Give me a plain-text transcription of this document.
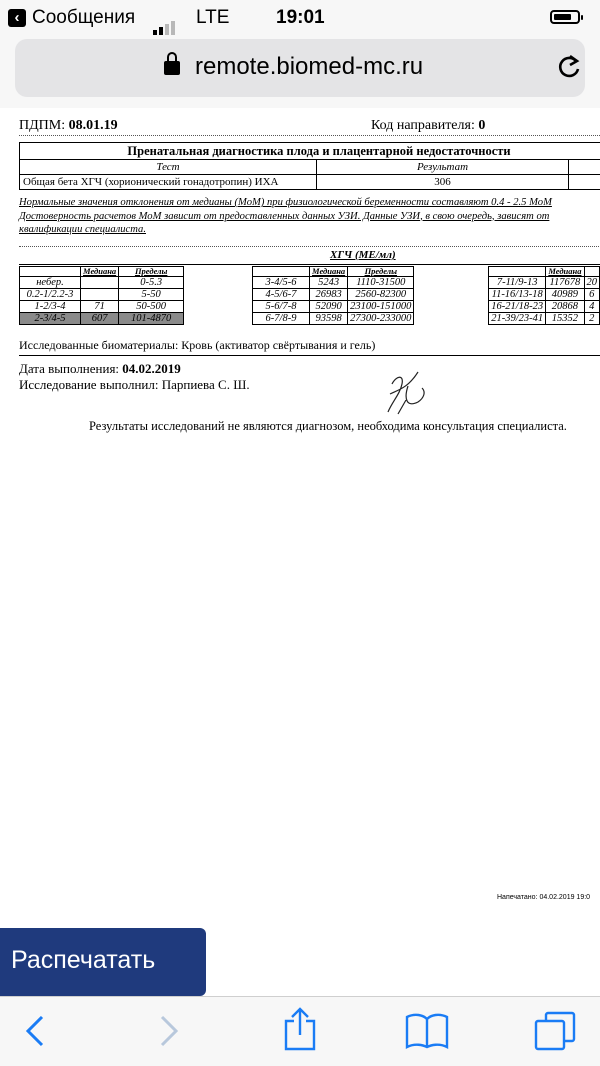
‹ Сообщения	LTE 19:01
remote.biomed-mc.ru
ПДПМ: 08.01.19	Код направителя: 0
Пренатальная диагностика плода и плацентарной недостаточности		
Тест	Результат	
Общая бета ХГЧ (хорионический гонадотропин) ИХА	306	
Нормальные значения отклонения от медианы (МоМ) при физиологической беременности составляют 0.4 - 2.5 МоМ
Достоверность расчетов МоМ зависит от предоставленных данных УЗИ. Данные УЗИ, в свою очередь, зависят от
квалификации специалиста.
ХГЧ (МЕ/мл)
	Медиана	Пределы
небер.		0-5.3
0.2-1/2.2-3		5-50
1-2/3-4	71	50-500
2-3/4-5	607	101-4870
	Медиана	Пределы
3-4/5-6	5243	1110-31500
4-5/6-7	26983	2560-82300
5-6/7-8	52090	23100-151000
6-7/8-9	93598	27300-233000
	Медиана	
7-11/9-13	117678	20
11-16/13-18	40989	6
16-21/18-23	20868	4
21-39/23-41	15352	2
Исследованные биоматериалы: Кровь (активатор свёртывания и гель)
Дата выполнения: 04.02.2019
Исследование выполнил: Парпиева С. Ш.
Результаты исследований не являются диагнозом, необходима консультация специалиста.
Напечатано: 04.02.2019 19:0
Распечатать
